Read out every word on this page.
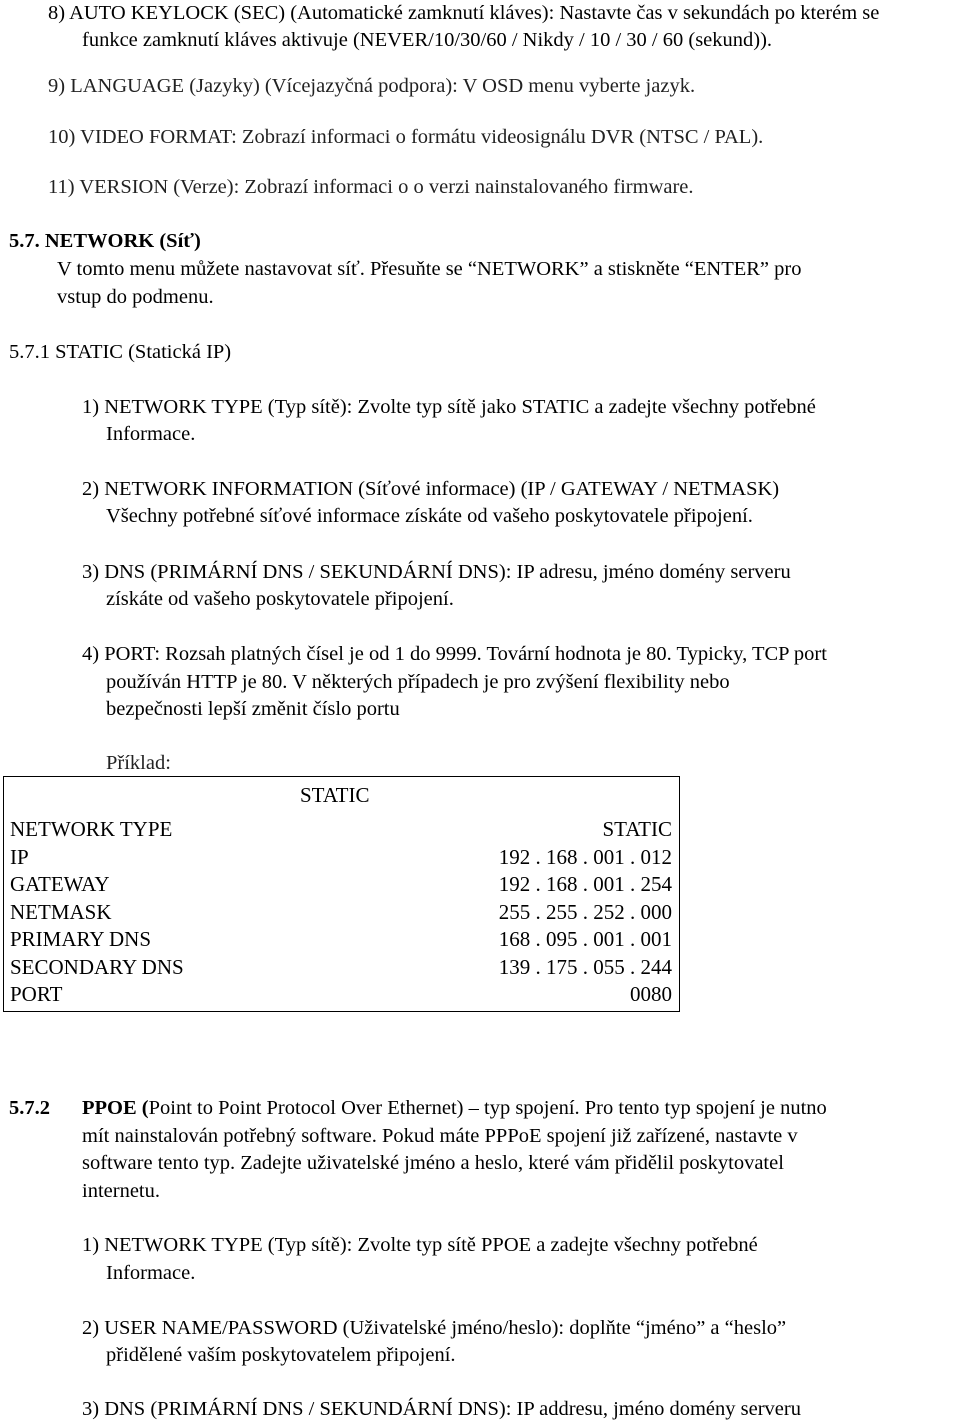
8) AUTO KEYLOCK (SEC) (Automatické zamknutí kláves): Nastavte čas v sekundách po kterém se
funkce zamknutí kláves aktivuje (NEVER/10/30/60 / Nikdy / 10 / 30 / 60 (sekund)).
9) LANGUAGE (Jazyky) (Vícejazyčná podpora): V OSD menu vyberte jazyk.
10) VIDEO FORMAT: Zobrazí informaci o formátu videosignálu DVR (NTSC / PAL).
11) VERSION (Verze): Zobrazí informaci o o verzi nainstalovaného firmware.
5.7. NETWORK (Síť)
V tomto menu můžete nastavovat síť. Přesuňte se “NETWORK” a stiskněte “ENTER” pro
vstup do podmenu.
5.7.1 STATIC (Statická IP)
1) NETWORK TYPE (Typ sítě): Zvolte typ sítě jako STATIC a zadejte všechny potřebné
Informace.
2) NETWORK INFORMATION (Síťové informace) (IP / GATEWAY / NETMASK)
Všechny potřebné síťové informace získáte od vašeho poskytovatele připojení.
3) DNS (PRIMÁRNÍ DNS / SEKUNDÁRNÍ DNS): IP adresu, jméno domény serveru
získáte od vašeho poskytovatele připojení.
4) PORT: Rozsah platných čísel je od 1 do 9999. Tovární hodnota je 80. Typicky, TCP port
používán HTTP je 80. V některých případech je pro zvýšení flexibility nebo
bezpečnosti lepší změnit číslo portu
Příklad:
STATIC
NETWORK TYPE	STATIC
IP	192 . 168 . 001 . 012
GATEWAY	192 . 168 . 001 . 254
NETMASK	255 . 255 . 252 . 000
PRIMARY DNS	168 . 095 . 001 . 001
SECONDARY DNS	139 . 175 . 055 . 244
PORT	0080
5.7.2 PPOE (Point to Point Protocol Over Ethernet) – typ spojení. Pro tento typ spojení je nutno
mít nainstalován potřebný software. Pokud máte PPPoE spojení již zařízené, nastavte v
software tento typ. Zadejte uživatelské jméno a heslo, které vám přidělil poskytovatel
internetu.
1) NETWORK TYPE (Typ sítě): Zvolte typ sítě PPOE a zadejte všechny potřebné
Informace.
2) USER NAME/PASSWORD (Uživatelské jméno/heslo): doplňte “jméno” a “heslo”
přidělené vaším poskytovatelem připojení.
3) DNS (PRIMÁRNÍ DNS / SEKUNDÁRNÍ DNS): IP addresu, jméno domény serveru
